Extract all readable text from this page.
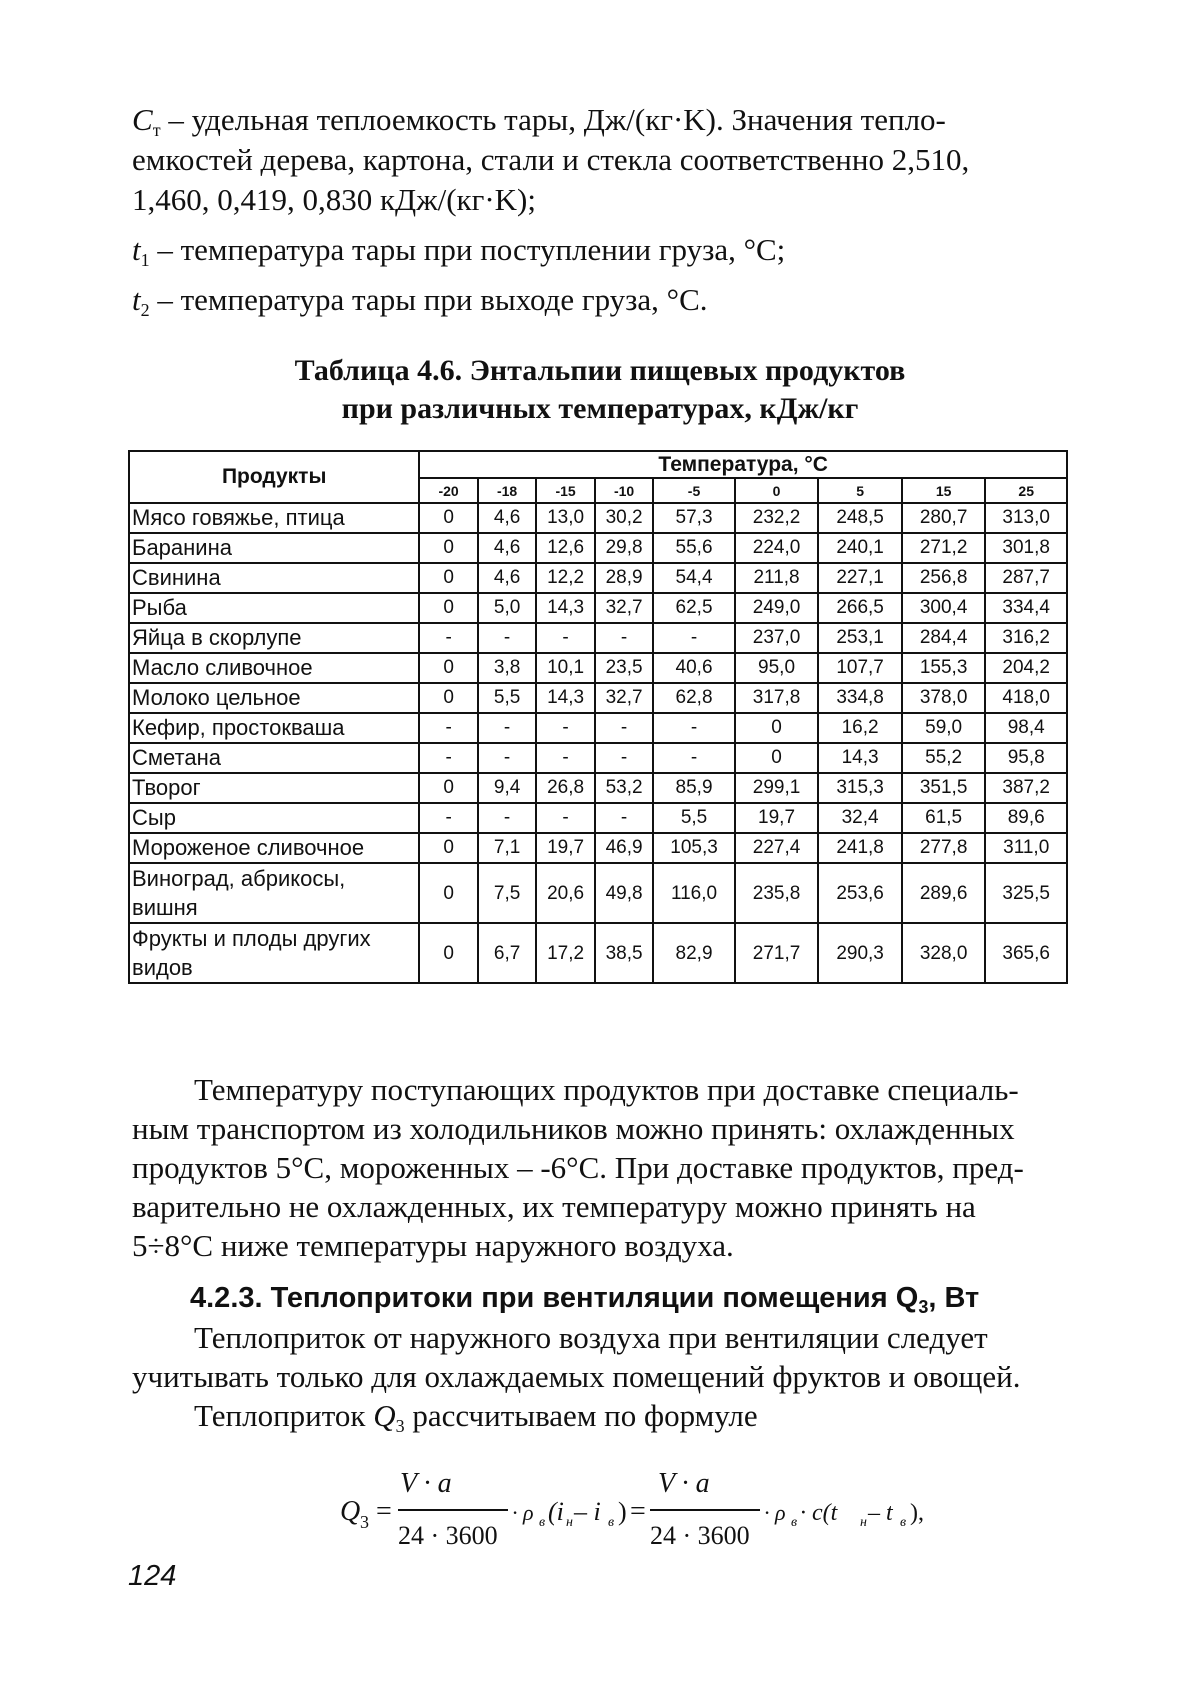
$C_т$ – удельная теплоемкость тары, Дж/(кг·K). Значения тепло-
емкостей дерева, картона, стали и стекла соответственно 2,510,
1,460, 0,419, 0,830 кДж/(кг·K);
$t_1$ – температура тары при поступлении груза, °С;
$t_2$ – температура тары при выходе груза, °С.
Таблица 4.6. Энтальпии пищевых продуктов
при различных температурах, кДж/кг
Продукты	Температура, °С								
	-20	-18	-15	-10	-5	0	5	15	25
Мясо говяжье, птица	0	4,6	13,0	30,2	57,3	232,2	248,5	280,7	313,0
Баранина	0	4,6	12,6	29,8	55,6	224,0	240,1	271,2	301,8
Свинина	0	4,6	12,2	28,9	54,4	211,8	227,1	256,8	287,7
Рыба	0	5,0	14,3	32,7	62,5	249,0	266,5	300,4	334,4
Яйца в скорлупе	-	-	-	-	-	237,0	253,1	284,4	316,2
Масло сливочное	0	3,8	10,1	23,5	40,6	95,0	107,7	155,3	204,2
Молоко цельное	0	5,5	14,3	32,7	62,8	317,8	334,8	378,0	418,0
Кефир, простокваша	-	-	-	-	-	0	16,2	59,0	98,4
Сметана	-	-	-	-	-	0	14,3	55,2	95,8
Творог	0	9,4	26,8	53,2	85,9	299,1	315,3	351,5	387,2
Сыр	-	-	-	-	5,5	19,7	32,4	61,5	89,6
Мороженое сливочное	0	7,1	19,7	46,9	105,3	227,4	241,8	277,8	311,0
Виноград, абрикосы, вишня	0	7,5	20,6	49,8	116,0	235,8	253,6	289,6	325,5
Фрукты и плоды других видов	0	6,7	17,2	38,5	82,9	271,7	290,3	328,0	365,6
Температуру поступающих продуктов при доставке специаль-
ным транспортом из холодильников можно принять: охлажденных
продуктов 5°С, мороженных – -6°С. При доставке продуктов, пред-
варительно не охлажденных, их температуру можно принять на
5÷8°С ниже температуры наружного воздуха.
4.2.3. Теплопритоки при вентиляции помещения $Q_3$, Вт
Теплоприток от наружного воздуха при вентиляции следует
учитывать только для охлаждаемых помещений фруктов и овощей.
Теплоприток $Q_3$ рассчитываем по формуле
Q 3 =
V · a
24 · 3600
· ρ в (i н – i в ) =
V · a
24 · 3600
· ρ в · c(t н – t в ),
124
